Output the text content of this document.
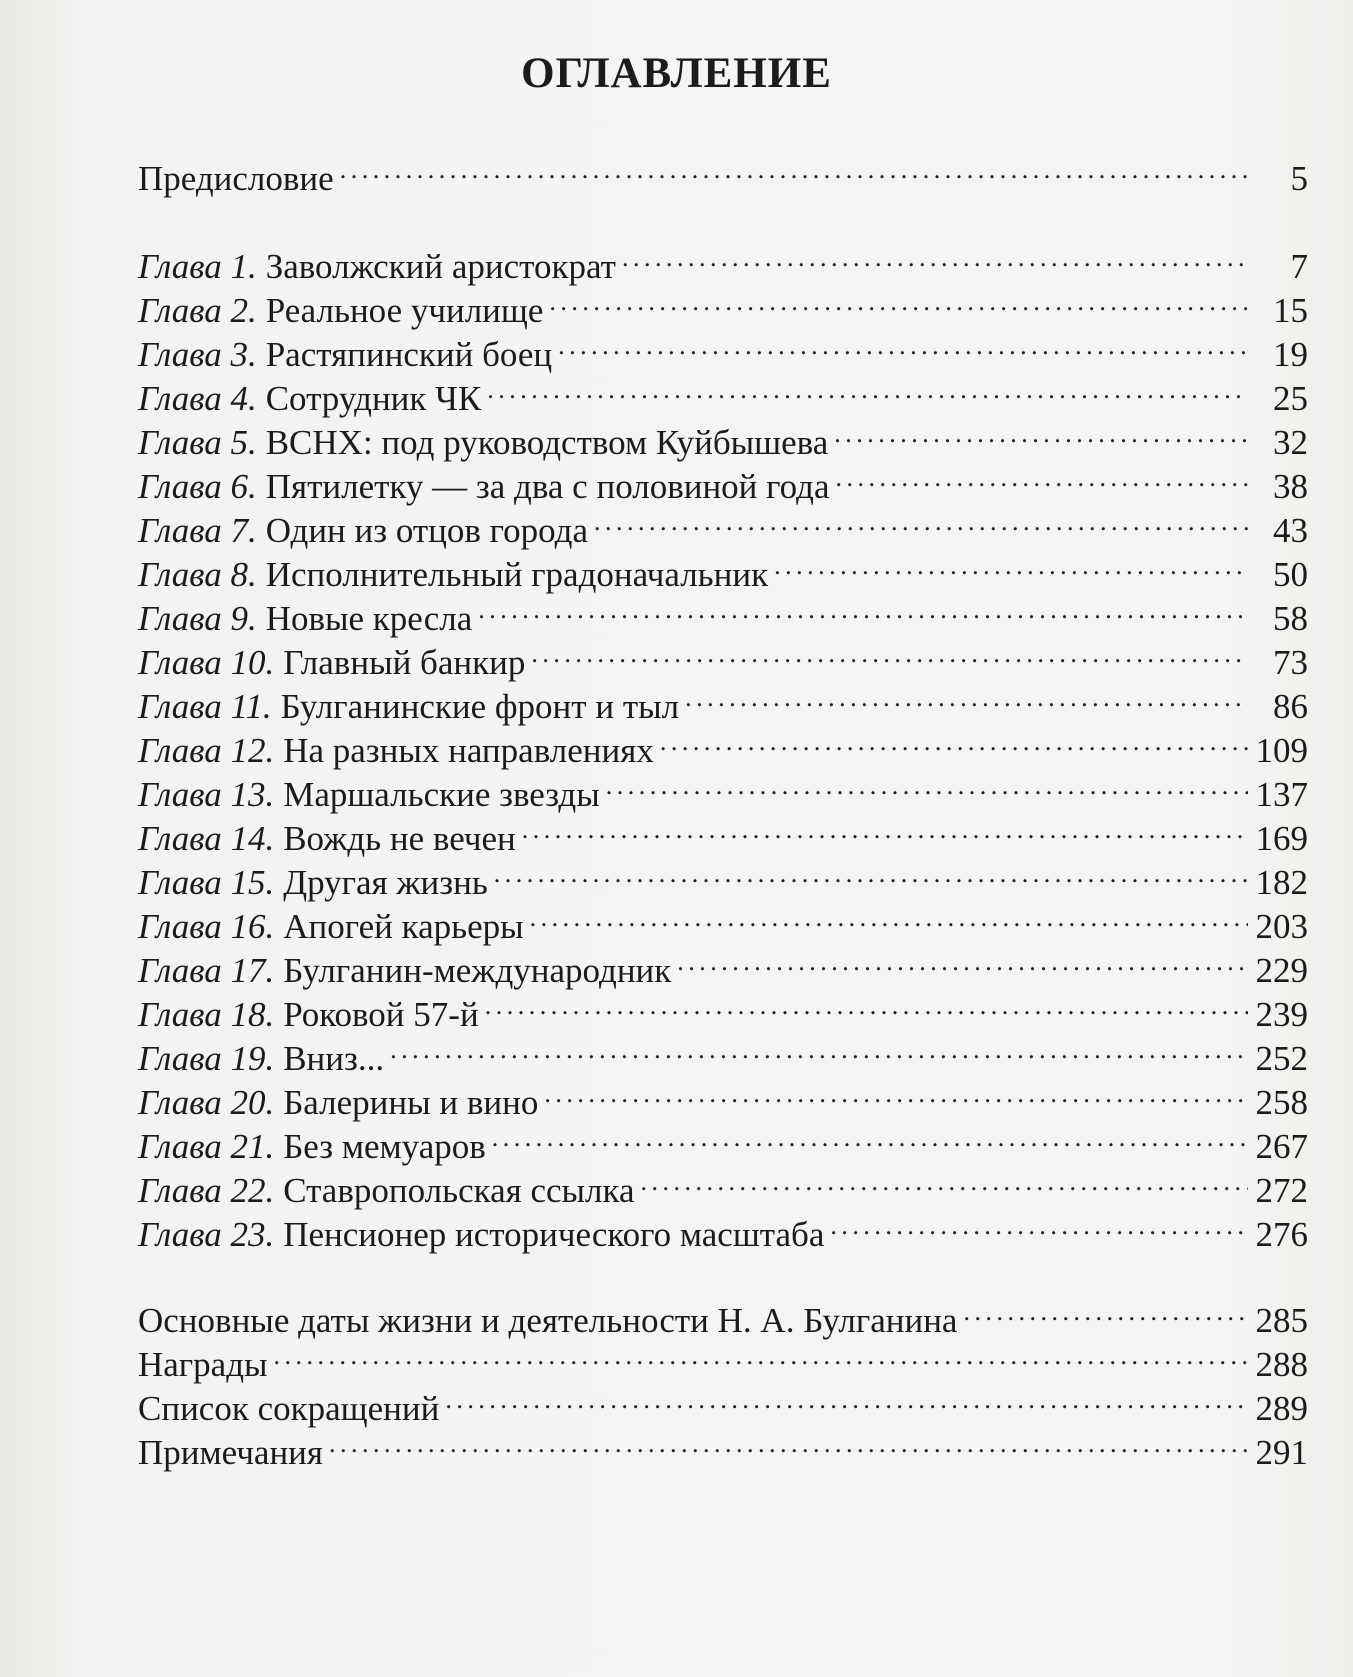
ОГЛАВЛЕНИЕ
Предисловие . . .	5
Глава 1. Заволжский аристократ . . .	7
Глава 2. Реальное училище . . .	15
Глава 3. Растяпинский боец . . .	19
Глава 4. Сотрудник ЧК . . .	25
Глава 5. ВСНХ: под руководством Куйбышева . . .	32
Глава 6. Пятилетку — за два с половиной года . . .	38
Глава 7. Один из отцов города . . .	43
Глава 8. Исполнительный градоначальник . . .	50
Глава 9. Новые кресла . . .	58
Глава 10. Главный банкир . . .	73
Глава 11. Булганинские фронт и тыл . . .	86
Глава 12. На разных направлениях . . .	109
Глава 13. Маршальские звезды . . .	137
Глава 14. Вождь не вечен . . .	169
Глава 15. Другая жизнь . . .	182
Глава 16. Апогей карьеры . . .	203
Глава 17. Булганин-международник . . .	229
Глава 18. Роковой 57-й . . .	239
Глава 19. Вниз... . . .	252
Глава 20. Балерины и вино . . .	258
Глава 21. Без мемуаров . . .	267
Глава 22. Ставропольская ссылка . . .	272
Глава 23. Пенсионер исторического масштаба . . .	276
Основные даты жизни и деятельности Н. А. Булганина . . .	285
Награды . . .	288
Список сокращений . . .	289
Примечания . . .	291
